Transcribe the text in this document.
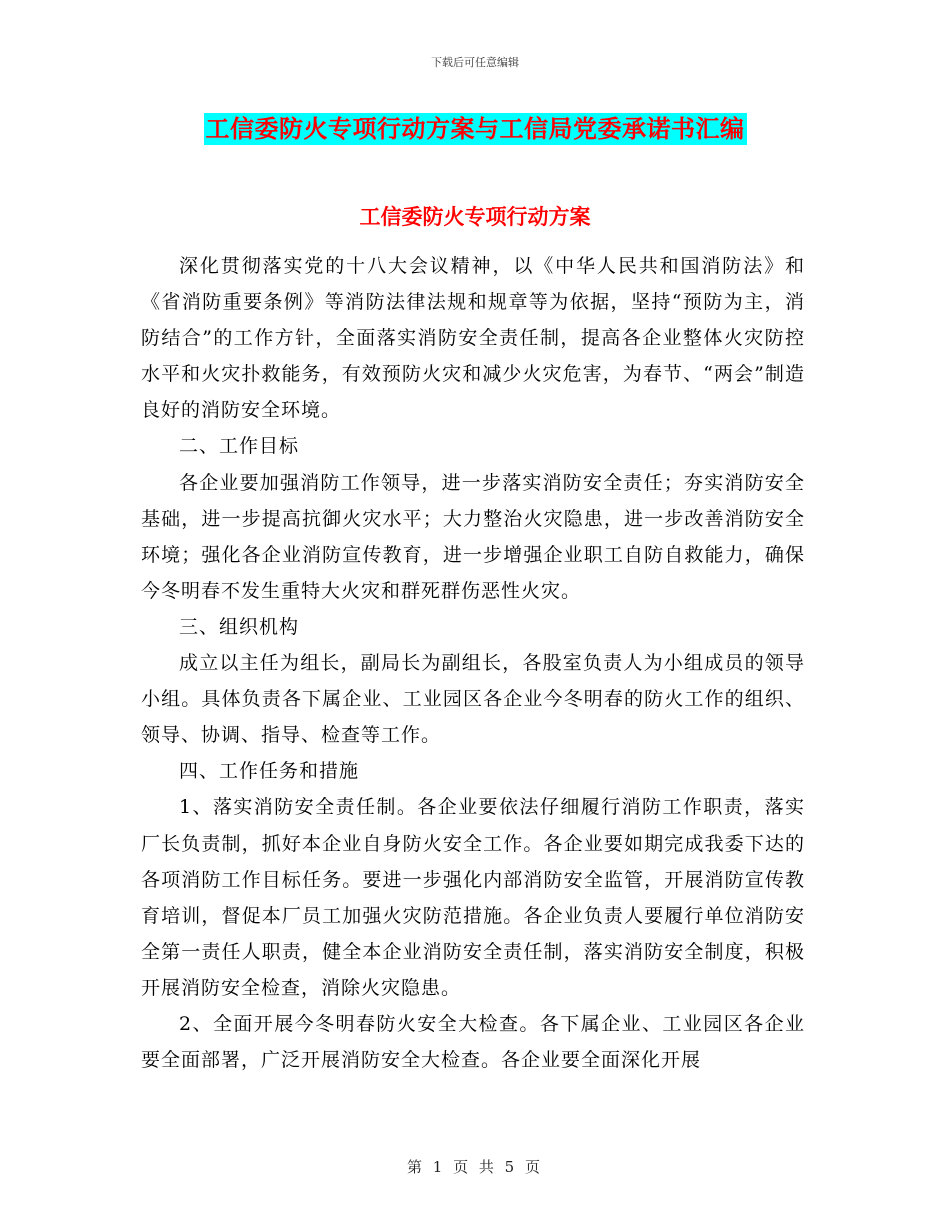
下载后可任意编辑
工信委防火专项行动方案与工信局党委承诺书汇编
工信委防火专项行动方案

深化贯彻落实党的十八大会议精神，以《中华人民共和国消防法》和《省消防重要条例》等消防法律法规和规章等为依据，坚持“预防为主，消防结合”的工作方针，全面落实消防安全责任制，提高各企业整体火灾防控水平和火灾扑救能务，有效预防火灾和减少火灾危害，为春节、“两会”制造良好的消防安全环境。

二、工作目标

各企业要加强消防工作领导，进一步落实消防安全责任；夯实消防安全基础，进一步提高抗御火灾水平；大力整治火灾隐患，进一步改善消防安全环境；强化各企业消防宣传教育，进一步增强企业职工自防自救能力，确保今冬明春不发生重特大火灾和群死群伤恶性火灾。

三、组织机构

成立以主任为组长，副局长为副组长，各股室负责人为小组成员的领导小组。具体负责各下属企业、工业园区各企业今冬明春的防火工作的组织、领导、协调、指导、检查等工作。

四、工作任务和措施

1、落实消防安全责任制。各企业要依法仔细履行消防工作职责，落实厂长负责制，抓好本企业自身防火安全工作。各企业要如期完成我委下达的各项消防工作目标任务。要进一步强化内部消防安全监管，开展消防宣传教育培训，督促本厂员工加强火灾防范措施。各企业负责人要履行单位消防安全第一责任人职责，健全本企业消防安全责任制，落实消防安全制度，积极开展消防安全检查，消除火灾隐患。

2、全面开展今冬明春防火安全大检查。各下属企业、工业园区各企业要全面部署，广泛开展消防安全大检查。各企业要全面深化开展

第 1 页 共 5 页
